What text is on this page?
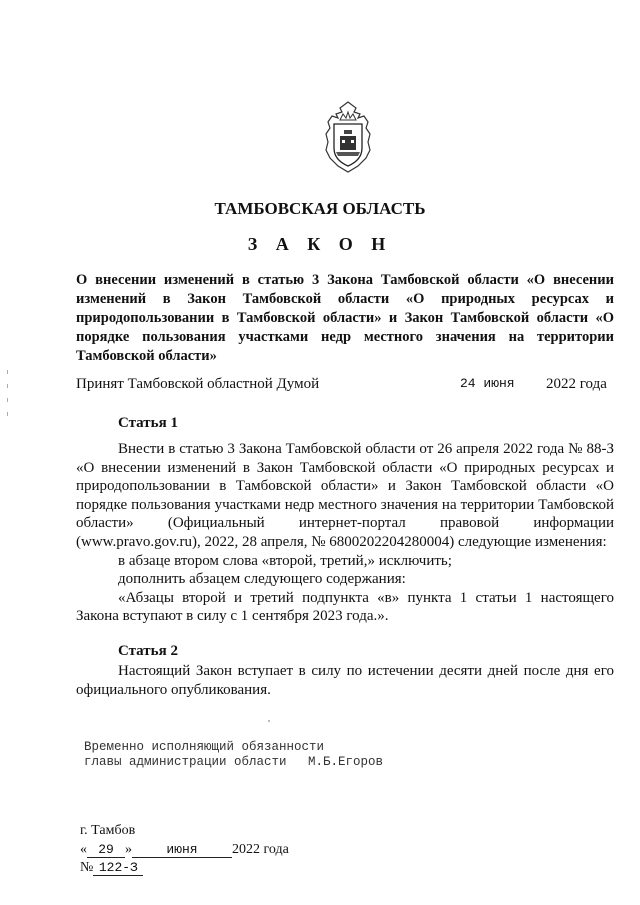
ТАМБОВСКАЯ ОБЛАСТЬ
З А К О Н
О внесении изменений в статью 3 Закона Тамбовской области «О внесении изменений в Закон Тамбовской области «О природных ресурсах и природопользовании в Тамбовской области» и Закон Тамбовской области «О порядке пользования участками недр местного значения на территории Тамбовской области»
Принят Тамбовской областной Думой	24 июня 2022 года
Статья 1

Внести в статью 3 Закона Тамбовской области от 26 апреля 2022 года № 88-З «О внесении изменений в Закон Тамбовской области «О природных ресурсах и природопользовании в Тамбовской области» и Закон Тамбовской области «О порядке пользования участками недр местного значения на территории Тамбовской области» (Официальный интернет-портал правовой информации (www.pravo.gov.ru), 2022, 28 апреля, № 6800202204280004) следующие изменения:

в абзаце втором слова «второй, третий,» исключить;

дополнить абзацем следующего содержания:

«Абзацы второй и третий подпункта «в» пункта 1 статьи 1 настоящего Закона вступают в силу с 1 сентября 2023 года.».

Статья 2

Настоящий Закон вступает в силу по истечении десяти дней после дня его официального опубликования.

Временно исполняющий обязанности
главы администрации области	М.Б.Егоров
г. Тамбов
« 29 »	июня 2022 года
№ 122-З
